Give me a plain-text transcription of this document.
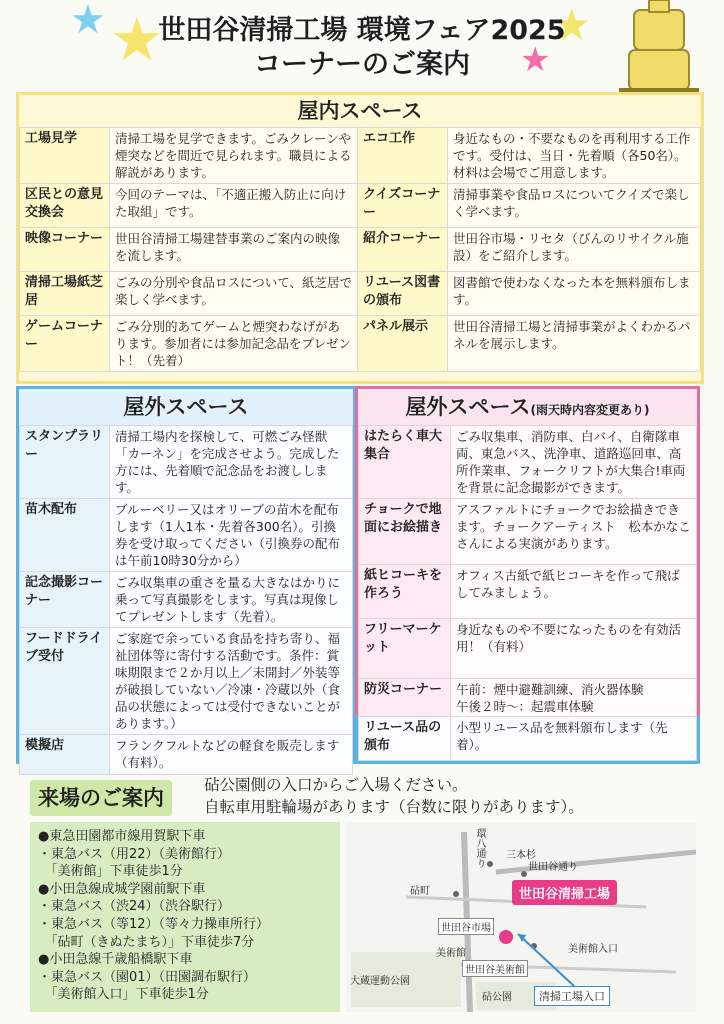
★ ★	★
★
世田谷清掃工場 環境フェア2025
コーナーのご案内
屋内スペース
工場見学	清掃工場を見学できます。ごみクレーンや煙突などを間近で見られます。職員による解説があります。	エコ工作	身近なもの・不要なものを再利用する工作です。受付は、当日・先着順（各50名）。材料は会場でご用意します。
区民との意見交換会	今回のテーマは、「不適正搬入防止に向けた取組」です。	クイズコーナー	清掃事業や食品ロスについてクイズで楽しく学べます。
映像コーナー	世田谷清掃工場建替事業のご案内の映像を流します。	紹介コーナー	世田谷市場・リセタ（びんのリサイクル施設）をご紹介します。
清掃工場紙芝居	ごみの分別や食品ロスについて、紙芝居で楽しく学べます。	リユース図書の頒布	図書館で使わなくなった本を無料頒布します。
ゲームコーナー	ごみ分別的あてゲームと煙突わなげがあります。参加者には参加記念品をプレゼント！（先着）	パネル展示	世田谷清掃工場と清掃事業がよくわかるパネルを展示します。
屋外スペース
スタンプラリー	清掃工場内を探検して、可燃ごみ怪獣「カーネン」を完成させよう。完成した方には、先着順で記念品をお渡しします。
苗木配布	ブルーベリー又はオリーブの苗木を配布します（1人1本・先着各300名）。引換券を受け取ってください（引換券の配布は午前10時30分から）
記念撮影コーナー	ごみ収集車の重さを量る大きなはかりに乗って写真撮影をします。写真は現像してプレゼントします（先着）。
フードドライブ受付	ご家庭で余っている食品を持ち寄り、福祉団体等に寄付する活動です。条件：賞味期限まで２か月以上／未開封／外装等が破損していない／冷凍・冷蔵以外（食品の状態によっては受付できないことがあります。）
模擬店	フランクフルトなどの軽食を販売します（有料）。
屋外スペース(雨天時内容変更あり)
はたらく車大集合	ごみ収集車、消防車、白バイ、自衛隊車両、東急バス、洗浄車、道路巡回車、高所作業車、フォークリフトが大集合!車両を背景に記念撮影ができます。
チョークで地面にお絵描き	アスファルトにチョークでお絵描きできます。チョークアーティスト　松本かなこさんによる実演があります。
紙ヒコーキを作ろう	オフィス古紙で紙ヒコーキを作って飛ばしてみましょう。
フリーマーケット	身近なものや不要になったものを有効活用！（有料）
防災コーナー	午前：煙中避難訓練、消火器体験
午後２時～：起震車体験
リユース品の頒布	小型リユース品を無料頒布します（先着）。
来場のご案内
砧公園側の入口からご入場ください。
自転車用駐輪場があります（台数に限りがあります）。
●東急田園都市線用賀駅下車
・東急バス（用22）（美術館行）
　「美術館」下車徒歩1分
●小田急線成城学園前駅下車
・東急バス（渋24）（渋谷駅行）
・東急バス（等12）（等々力操車所行）
　「砧町（きぬたまち）」下車徒歩7分
●小田急線千歳船橋駅下車
・東急バス（園01）（田園調布駅行）
　「美術館入口」下車徒歩1分
環八通り 三本杉
世田谷通り
砧町
世田谷市場
美術館
世田谷美術館
美術館入口
大蔵運動公園
砧公園
世田谷清掃工場
清掃工場入口
